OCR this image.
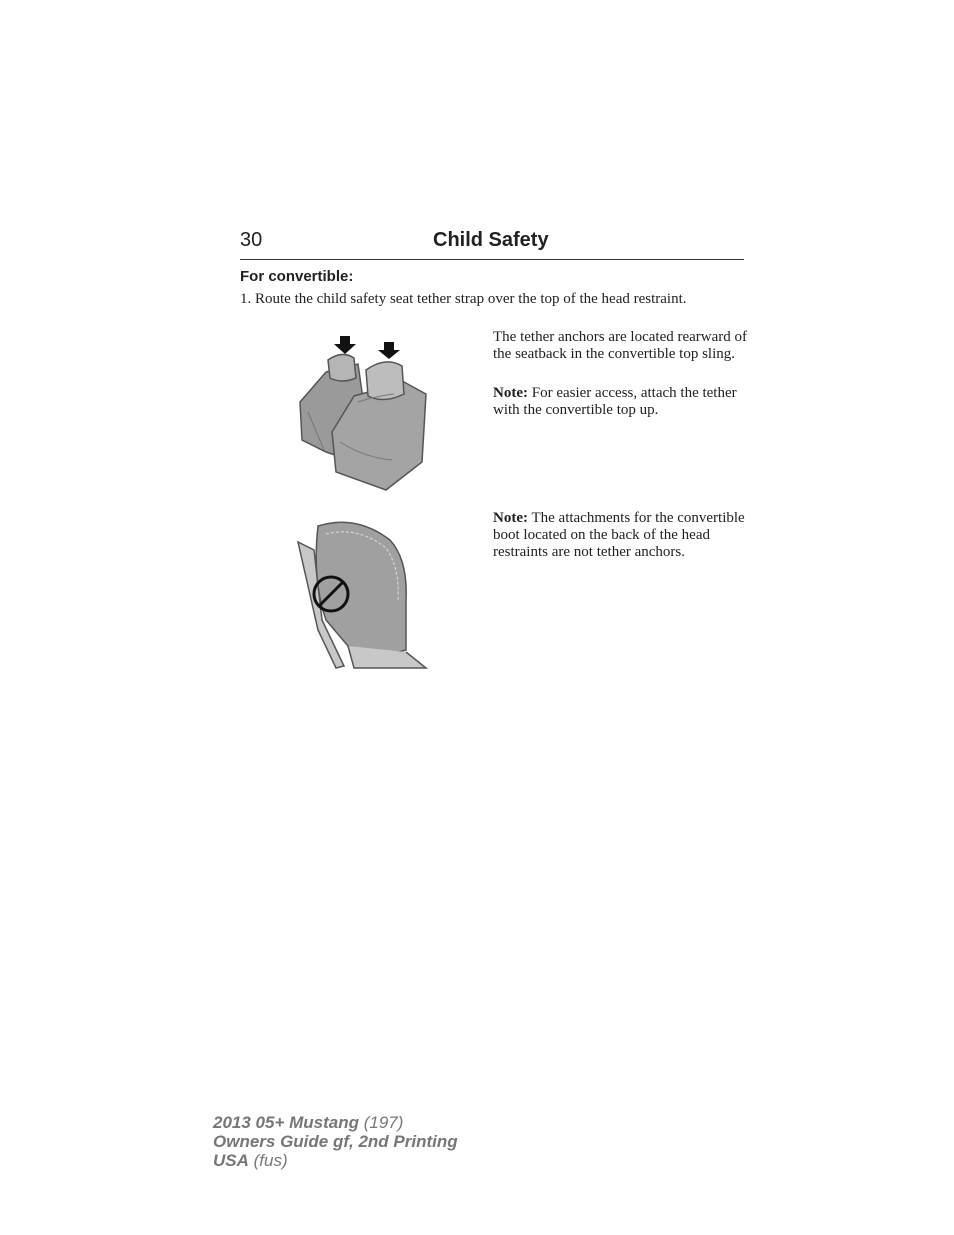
30	Child Safety
For convertible:
1. Route the child safety seat tether strap over the top of the head restraint.

The tether anchors are located rearward of the seatback in the convertible top sling.

Note: For easier access, attach the tether with the convertible top up.

Note: The attachments for the convertible boot located on the back of the head restraints are not tether anchors.

2013 05+ Mustang (197)
Owners Guide gf, 2nd Printing
USA (fus)
